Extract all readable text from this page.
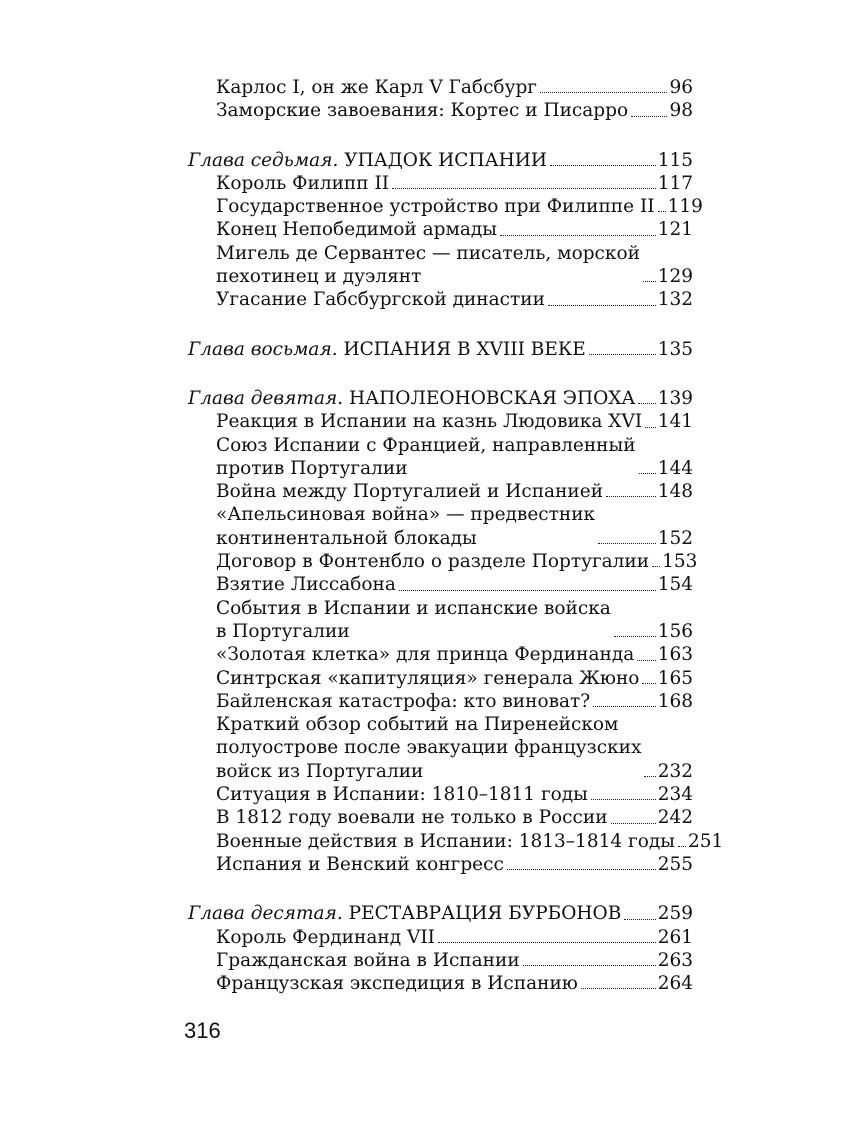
Карлос I, он же Карл V Габсбург	96
Заморские завоевания: Кортес и Писарро 98
Глава седьмая. УПАДОК ИСПАНИИ	115
Король Филипп II	117
Государственное устройство при Филиппе II 119
Конец Непобедимой армады	121
Мигель де Сервантес — писатель, морской
пехотинец и дуэлянт	129
Угасание Габсбургской династии	132
Глава восьмая. ИСПАНИЯ В XVIII ВЕКЕ	135
Глава девятая. НАПОЛЕОНОВСКАЯ ЭПОХА 139
Реакция в Испании на казнь Людовика XVI 141
Союз Испании с Францией, направленный
против Португалии	144
Война между Португалией и Испанией	148
«Апельсиновая война» — предвестник
континентальной блокады	152
Договор в Фонтенбло о разделе Португалии 153
Взятие Лиссабона	154
События в Испании и испанские войска
в Португалии	156
«Золотая клетка» для принца Фердинанда 163
Синтрская «капитуляция» генерала Жюно 165
Байленская катастрофа: кто виноват?	168
Краткий обзор событий на Пиренейском
полуострове после эвакуации французских
войск из Португалии	232
Ситуация в Испании: 1810–1811 годы	234
В 1812 году воевали не только в России	242
Военные действия в Испании: 1813–1814 годы 251
Испания и Венский конгресс	255
Глава десятая. РЕСТАВРАЦИЯ БУРБОНОВ 259
Король Фердинанд VII	261
Гражданская война в Испании	263
Французская экспедиция в Испанию	264
316
